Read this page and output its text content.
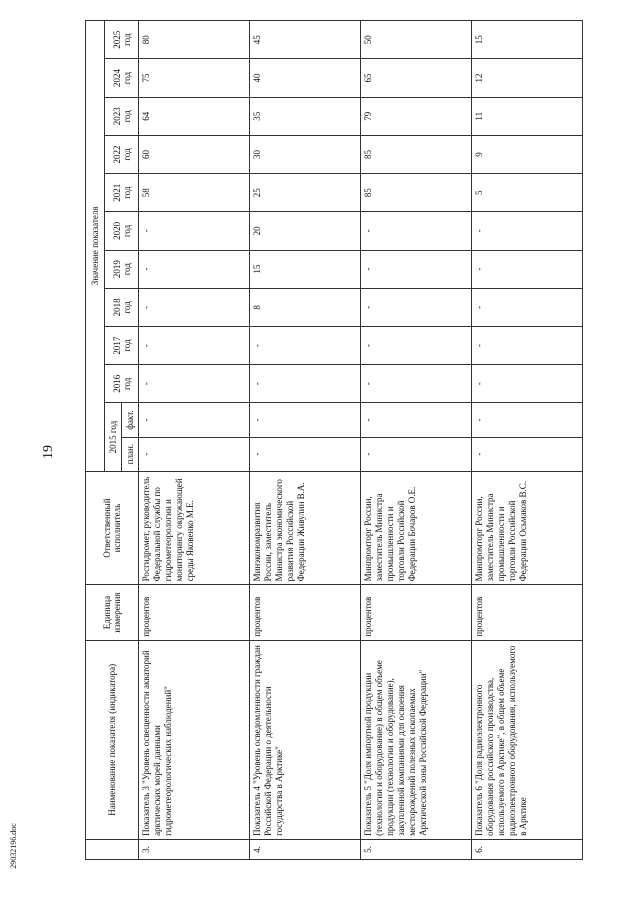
19
	Наименование показателя (индикатора)	Единица измерения	Ответственный исполнитель	Значение показателя											
				2015 год		2016 год	2017 год	2018 год	2019 год	2020 год	2021 год	2022 год	2023 год	2024 год	2025 год
				план.	факт.										
3.	Показатель 3 "Уровень освещенности акваторий арктических морей данными гидрометеорологических наблюдений"	процентов	Росгидромет, руководитель Федеральной службы по гидрометеорологии и мониторингу окружающей среды Яковенко М.Е.	-	-	-	-	-	-	-	58	60	64	75	80
4.	Показатель 4 "Уровень осведомленности граждан Российской Федерации о деятельности государства в Арктике"	процентов	Минэкономразвития России, заместитель Министра экономического развития Российской Федерации Живулин В.А.	-	-	-	-	8	15	20	25	30	35	40	45
5.	Показатель 5 "Доля импортной продукции (технологии и оборудование) в общем объеме продукции (технологии и оборудование), закупленной компаниями для освоения месторождений полезных ископаемых Арктической зоны Российской Федерации"	процентов	Минпромторг России, заместитель Министра промышленности и торговли Российской Федерации Бочаров О.Е.	-	-	-	-	-	-	-	85	85	79	65	50
6.	Показатель 6 "Доля радиоэлектронного оборудования российского производства, используемого в Арктике", в общем объеме радиоэлектронного оборудования, используемого в Арктике	процентов	Минпромторг России, заместитель Министра промышленности и торговли Российской Федерации Осьмаков В.С.	-	-	-	-	-	-	-	5	9	11	12	15
29032196.doc
